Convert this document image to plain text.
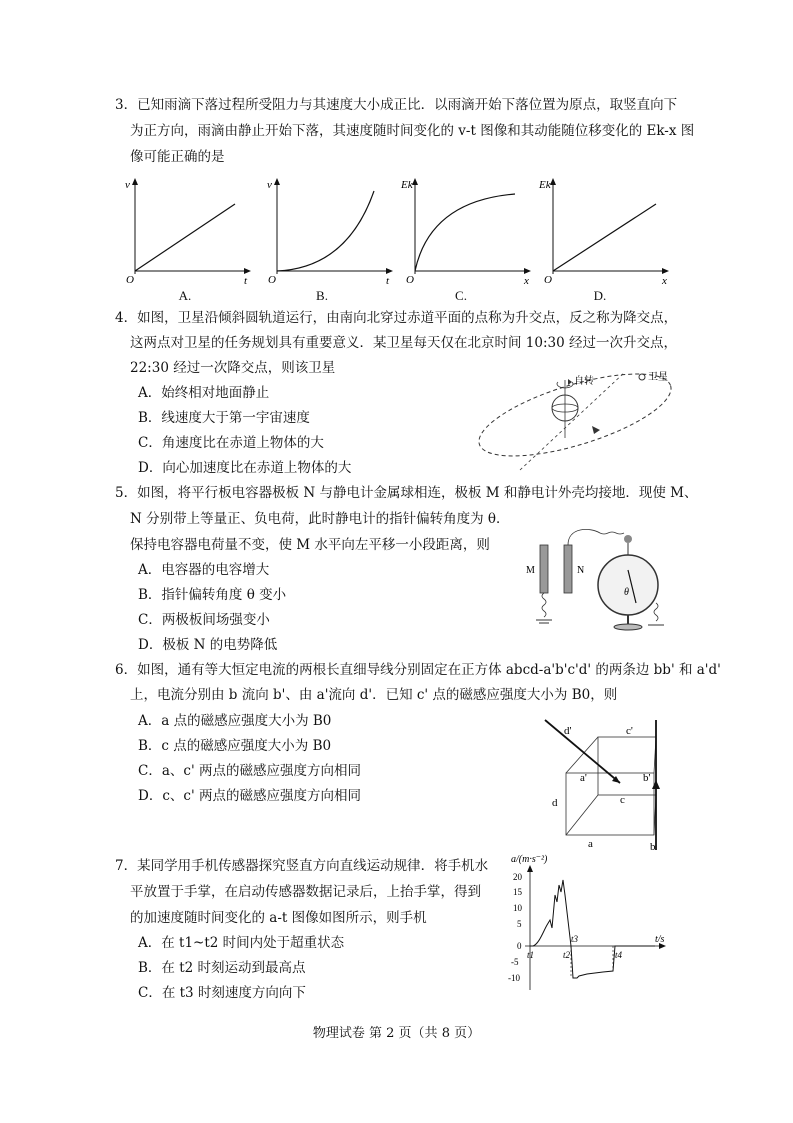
3．已知雨滴下落过程所受阻力与其速度大小成正比．以雨滴开始下落位置为原点，取竖直向下
为正方向，雨滴由静止开始下落，其速度随时间变化的 v-t 图像和其动能随位移变化的 Ek-x 图
像可能正确的是
v
t
O
A.
v
t
O
B.
Ek
x
O
C.
Ek
x
O
D.
4．如图，卫星沿倾斜圆轨道运行，由南向北穿过赤道平面的点称为升交点，反之称为降交点，
这两点对卫星的任务规划具有重要意义．某卫星每天仅在北京时间 10:30 经过一次升交点，
22:30 经过一次降交点，则该卫星
A．始终相对地面静止
B．线速度大于第一宇宙速度
C．角速度比在赤道上物体的大
D．向心加速度比在赤道上物体的大
自转	卫星
5．如图，将平行板电容器极板 N 与静电计金属球相连，极板 M 和静电计外壳均接地．现使 M、
N 分别带上等量正、负电荷，此时静电计的指针偏转角度为 θ．
保持电容器电荷量不变，使 M 水平向左平移一小段距离，则
A．电容器的电容增大
B．指针偏转角度 θ 变小
C．两极板间场强变小
D．极板 N 的电势降低
M	N
θ
6．如图，通有等大恒定电流的两根长直细导线分别固定在正方体 abcd-a'b'c'd' 的两条边 bb' 和 a'd'
上，电流分别由 b 流向 b'、由 a'流向 d'．已知 c' 点的磁感应强度大小为 B0，则
A．a 点的磁感应强度大小为 B0
B．c 点的磁感应强度大小为 B0
C．a、c' 两点的磁感应强度方向相同
D．c、c' 两点的磁感应强度方向相同
d'	c'
a'	b'
d	c
a	b
7．某同学用手机传感器探究竖直方向直线运动规律．将手机水
平放置于手掌，在启动传感器数据记录后，上抬手掌，得到
的加速度随时间变化的 a-t 图像如图所示，则手机
A．在 t1~t2 时间内处于超重状态
B．在 t2 时刻运动到最高点
C．在 t3 时刻速度方向向下
a/(m·s⁻²)
t/s
20
15
10
5
0
-5
-10
t1	t2
t3
t4
物理试卷 第 2 页（共 8 页）
